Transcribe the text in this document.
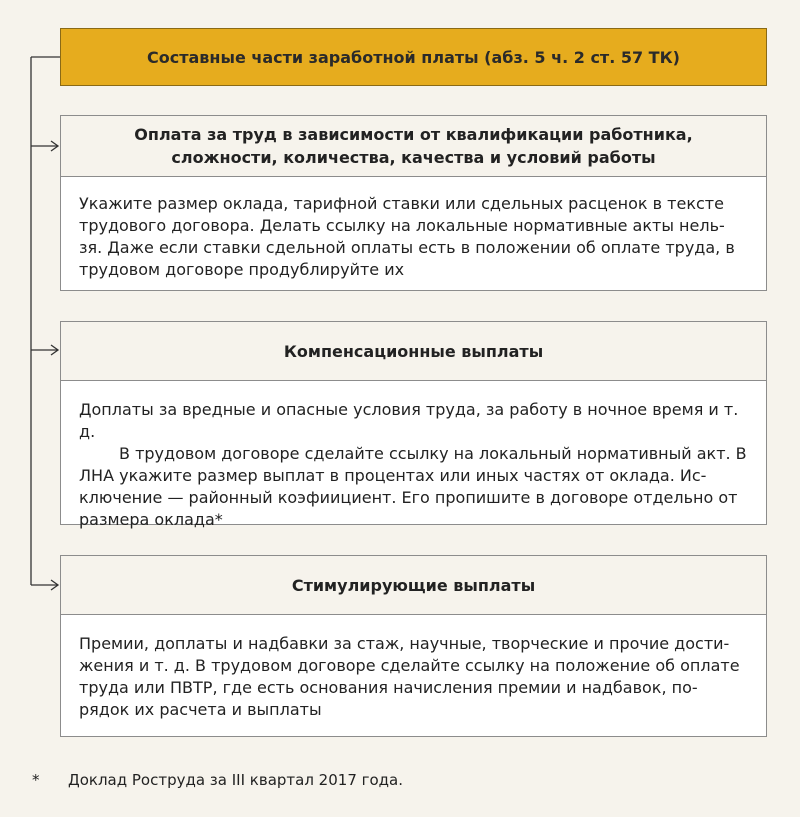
Составные части заработной платы (абз. 5 ч. 2 ст. 57 ТК)
Оплата за труд в зависимости от квалификации работника,
сложности, количества, качества и условий работы

Укажите размер оклада, тарифной ставки или сдельных расценок в тексте трудового договора. Делать ссылку на локальные нормативные акты нель- зя. Даже если ставки сдельной оплаты есть в положении об оплате труда, в трудовом договоре продублируйте их

Компенсационные выплаты

Доплаты за вредные и опасные условия труда, за работу в ночное время и т. д.

В трудовом договоре сделайте ссылку на локальный нормативный акт. В ЛНА укажите размер выплат в процентах или иных частях от оклада. Ис- ключение — районный коэфиициент. Его пропишите в договоре отдельно от размера оклада*

Стимулирующие выплаты

Премии, доплаты и надбавки за стаж, научные, творческие и прочие дости- жения и т. д. В трудовом договоре сделайте ссылку на положение об оплате труда или ПВТР, где есть основания начисления премии и надбавок, по- рядок их расчета и выплаты

* Доклад Роструда за III квартал 2017 года.
